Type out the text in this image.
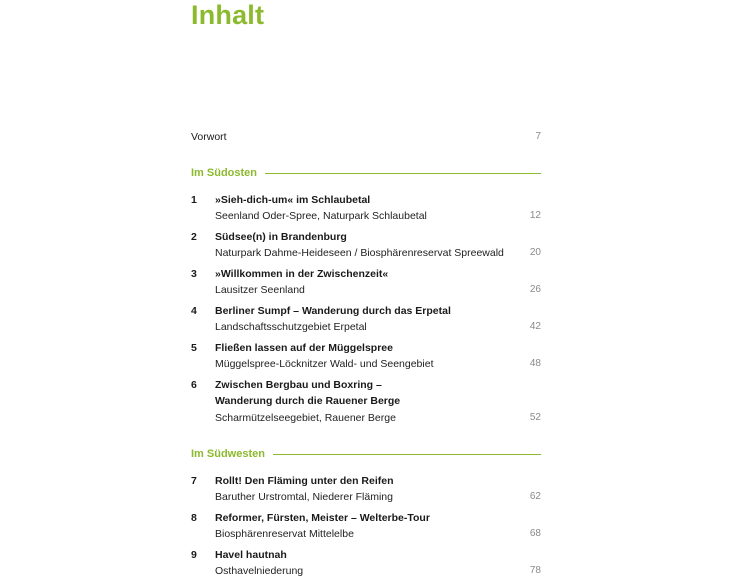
Inhalt
Vorwort	7
Im Südosten
1 »Sieh-dich-um« im Schlaubetal
Seenland Oder-Spree, Naturpark Schlaubetal	12
2 Südsee(n) in Brandenburg
Naturpark Dahme-Heideseen / Biosphärenreservat Spreewald	20
3 »Willkommen in der Zwischenzeit«
Lausitzer Seenland	26
4 Berliner Sumpf – Wanderung durch das Erpetal
Landschaftsschutzgebiet Erpetal	42
5 Fließen lassen auf der Müggelspree
Müggelspree-Löcknitzer Wald- und Seengebiet	48
6 Zwischen Bergbau und Boxring –
Wanderung durch die Rauener Berge
Scharmützelseegebiet, Rauener Berge	52
Im Südwesten
7 Rollt! Den Fläming unter den Reifen
Baruther Urstromtal, Niederer Fläming	62
8 Reformer, Fürsten, Meister – Welterbe-Tour
Biosphärenreservat Mittelelbe	68
9 Havel hautnah
Osthavelniederung	78
